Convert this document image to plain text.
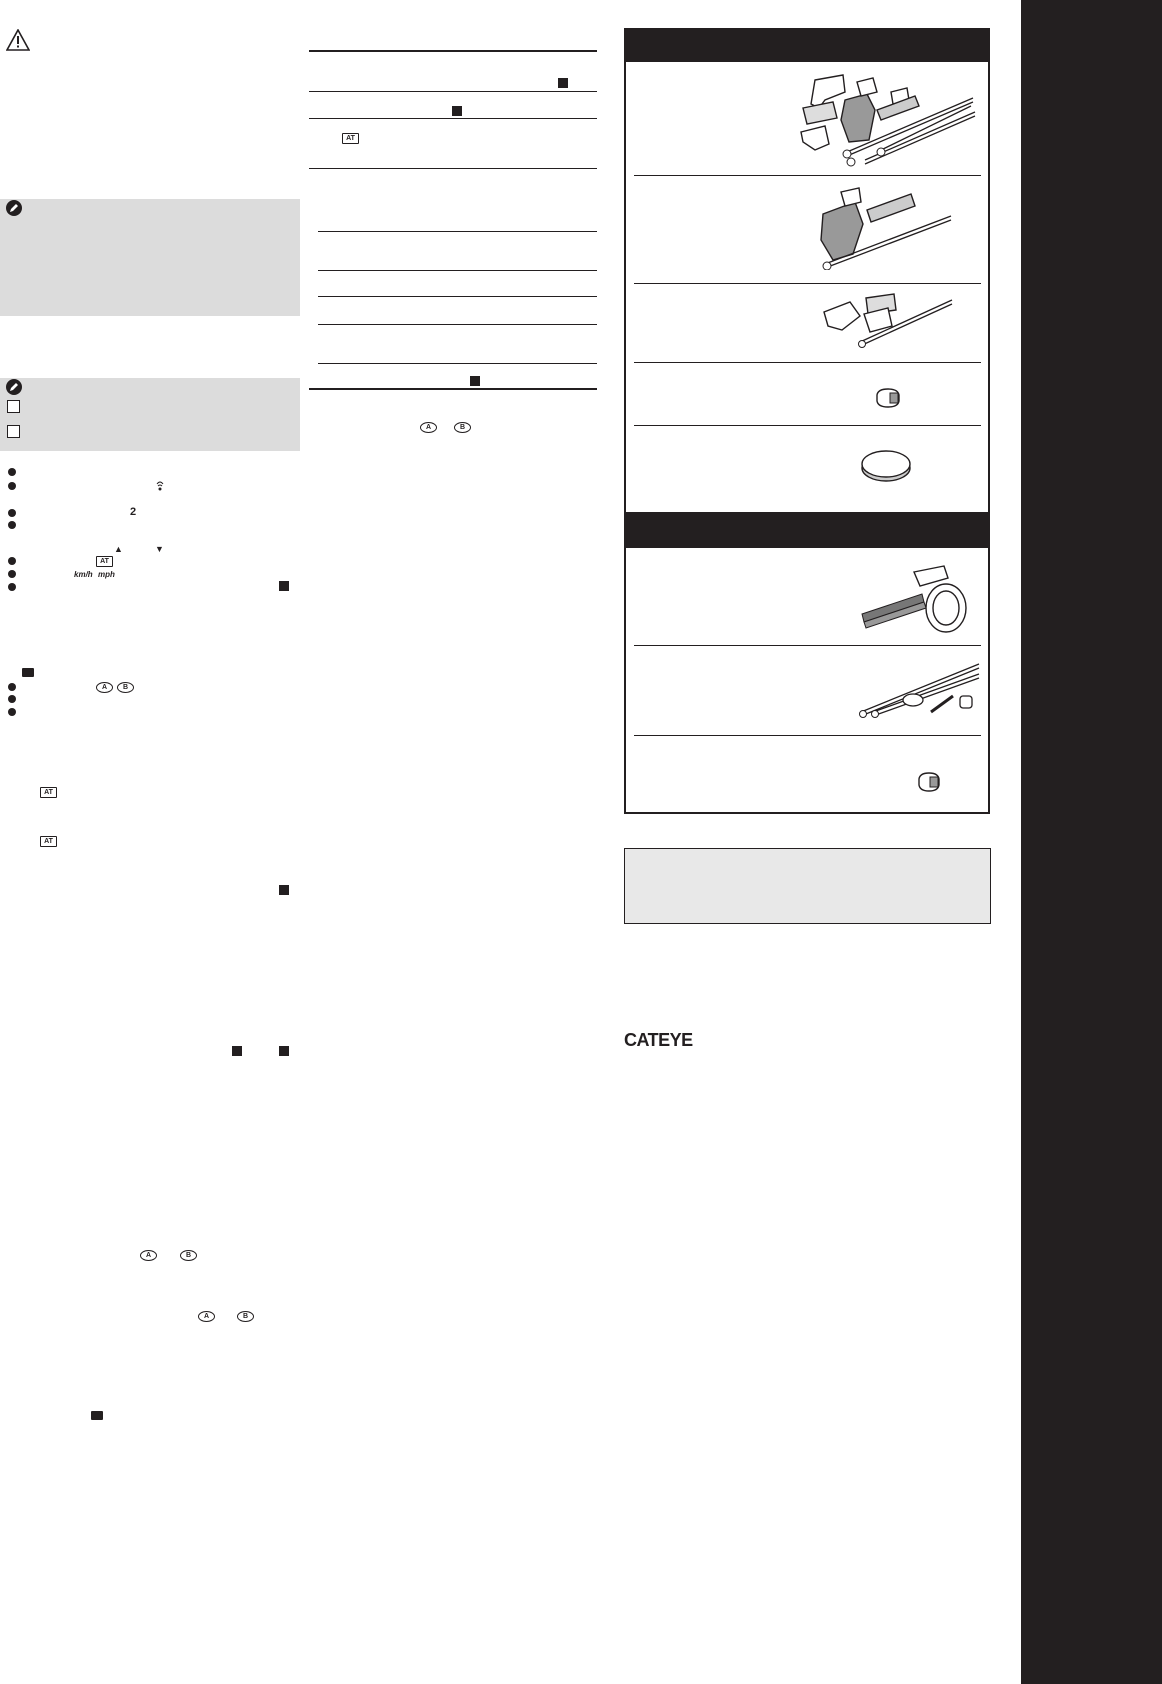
2
▲	▼
AT
km/h mph
A	B
AT
AT
A	B
A	B
AT
A	B
CATEYE
